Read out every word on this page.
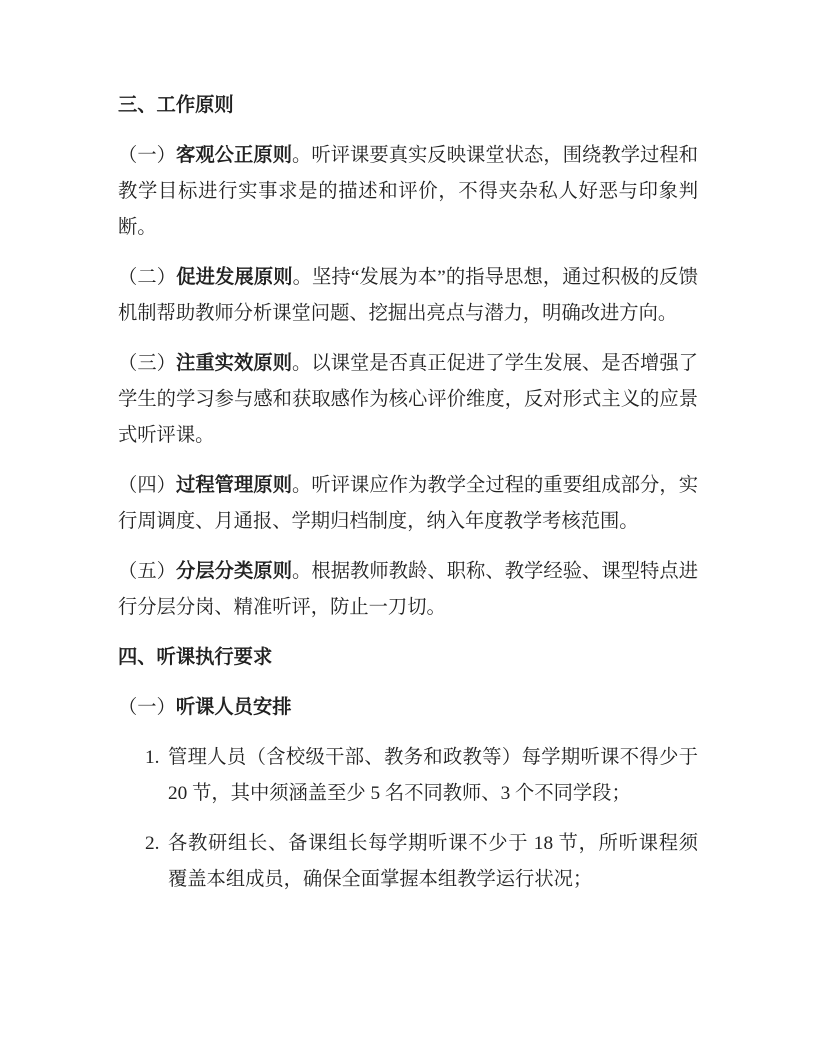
三、工作原则

（一）客观公正原则。听评课要真实反映课堂状态，围绕教学过程和教学目标进行实事求是的描述和评价，不得夹杂私人好恶与印象判断。

（二）促进发展原则。坚持“发展为本”的指导思想，通过积极的反馈机制帮助教师分析课堂问题、挖掘出亮点与潜力，明确改进方向。

（三）注重实效原则。以课堂是否真正促进了学生发展、是否增强了学生的学习参与感和获取感作为核心评价维度，反对形式主义的应景式听评课。

（四）过程管理原则。听评课应作为教学全过程的重要组成部分，实行周调度、月通报、学期归档制度，纳入年度教学考核范围。

（五）分层分类原则。根据教师教龄、职称、教学经验、课型特点进行分层分岗、精准听评，防止一刀切。

四、听课执行要求

（一）听课人员安排

1. 管理人员（含校级干部、教务和政教等）每学期听课不得少于 20 节，其中须涵盖至少 5 名不同教师、3 个不同学段；
2. 各教研组长、备课组长每学期听课不少于 18 节，所听课程须覆盖本组成员，确保全面掌握本组教学运行状况；
